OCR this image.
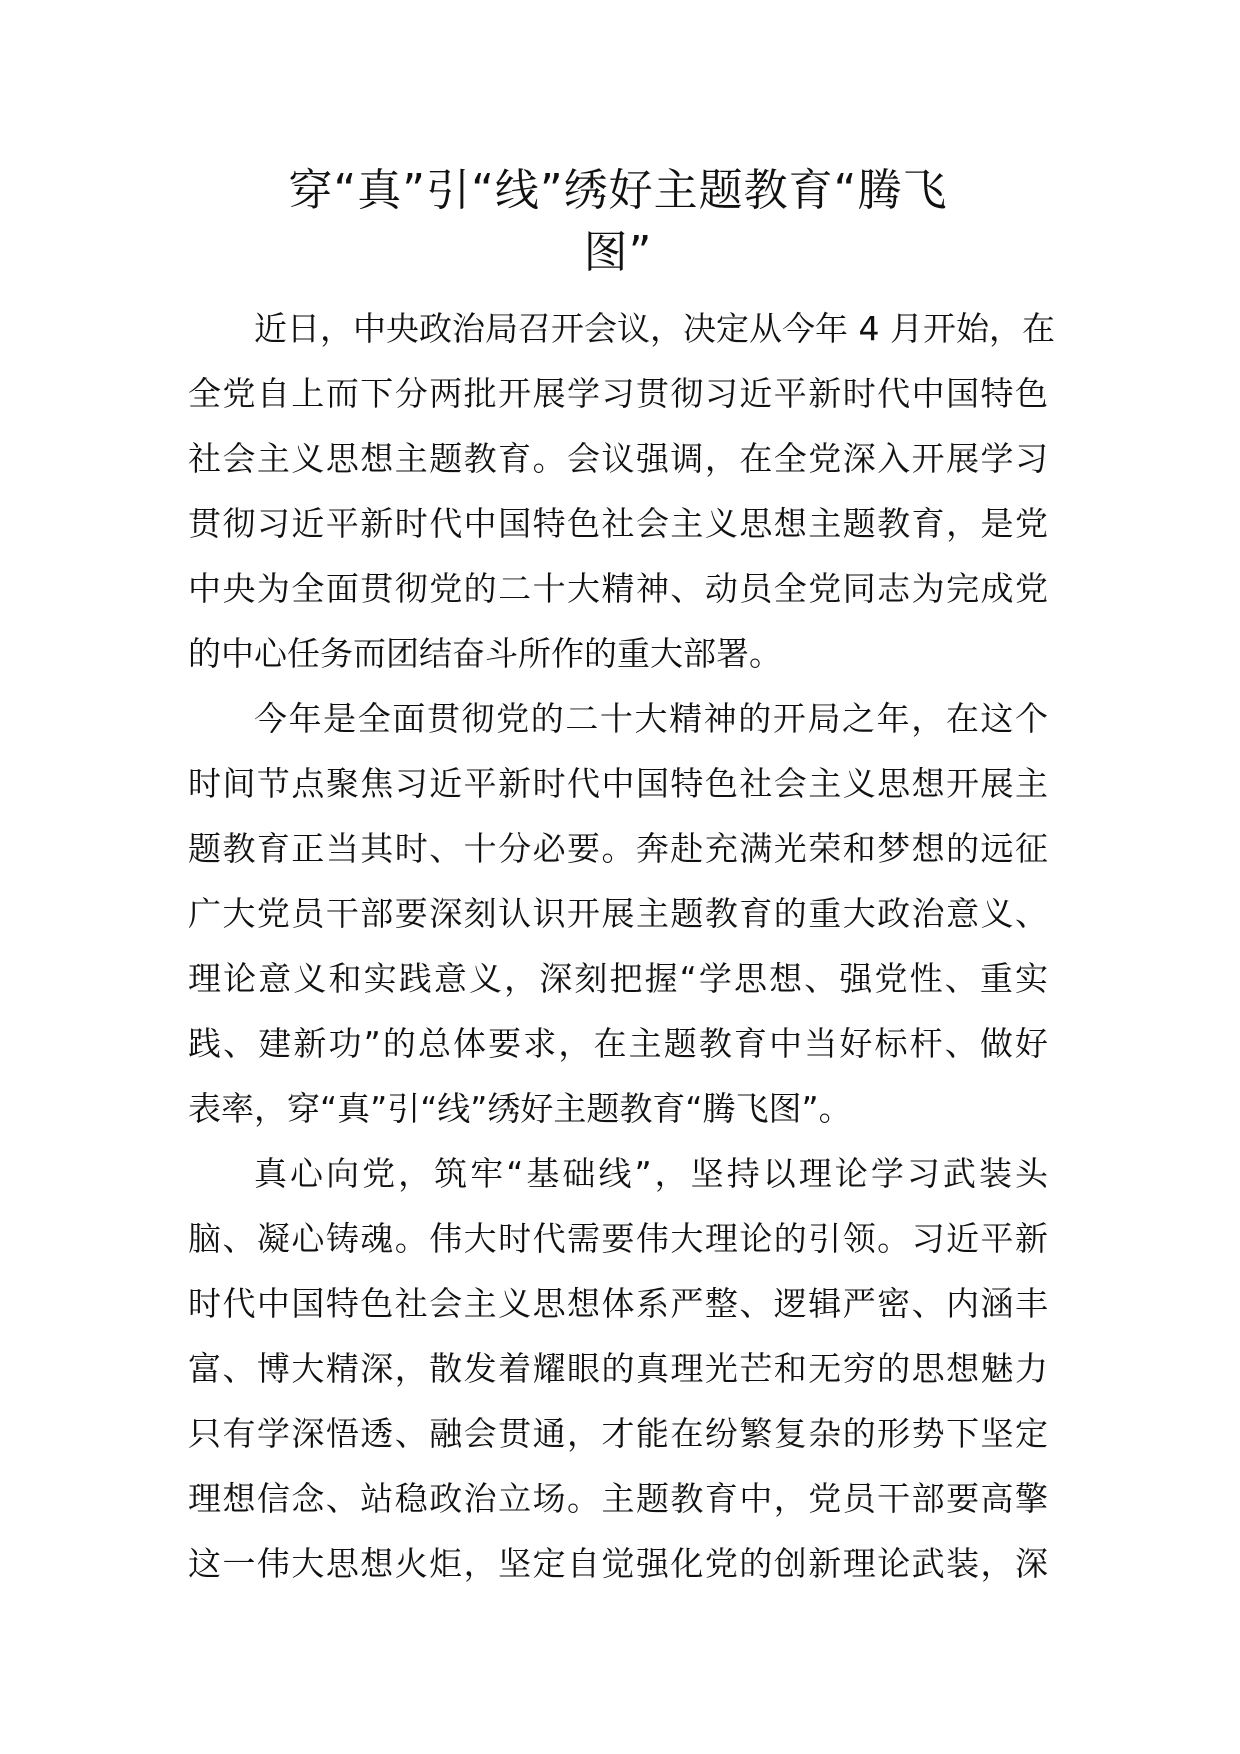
穿“真”引“线”绣好主题教育“腾飞
图”
近日，中央政治局召开会议，决定从今年 4 月开始，在
全党自上而下分两批开展学习贯彻习近平新时代中国特色
社会主义思想主题教育。会议强调，在全党深入开展学习
贯彻习近平新时代中国特色社会主义思想主题教育，是党
中央为全面贯彻党的二十大精神、动员全党同志为完成党
的中心任务而团结奋斗所作的重大部署。
今年是全面贯彻党的二十大精神的开局之年，在这个
时间节点聚焦习近平新时代中国特色社会主义思想开展主
题教育正当其时、十分必要。奔赴充满光荣和梦想的远征
广大党员干部要深刻认识开展主题教育的重大政治意义、
理论意义和实践意义，深刻把握“学思想、强党性、重实
践、建新功”的总体要求，在主题教育中当好标杆、做好
表率，穿“真”引“线”绣好主题教育“腾飞图”。
真心向党，筑牢“基础线”，坚持以理论学习武装头
脑、凝心铸魂。伟大时代需要伟大理论的引领。习近平新
时代中国特色社会主义思想体系严整、逻辑严密、内涵丰
富、博大精深，散发着耀眼的真理光芒和无穷的思想魅力
只有学深悟透、融会贯通，才能在纷繁复杂的形势下坚定
理想信念、站稳政治立场。主题教育中，党员干部要高擎
这一伟大思想火炬，坚定自觉强化党的创新理论武装，深
